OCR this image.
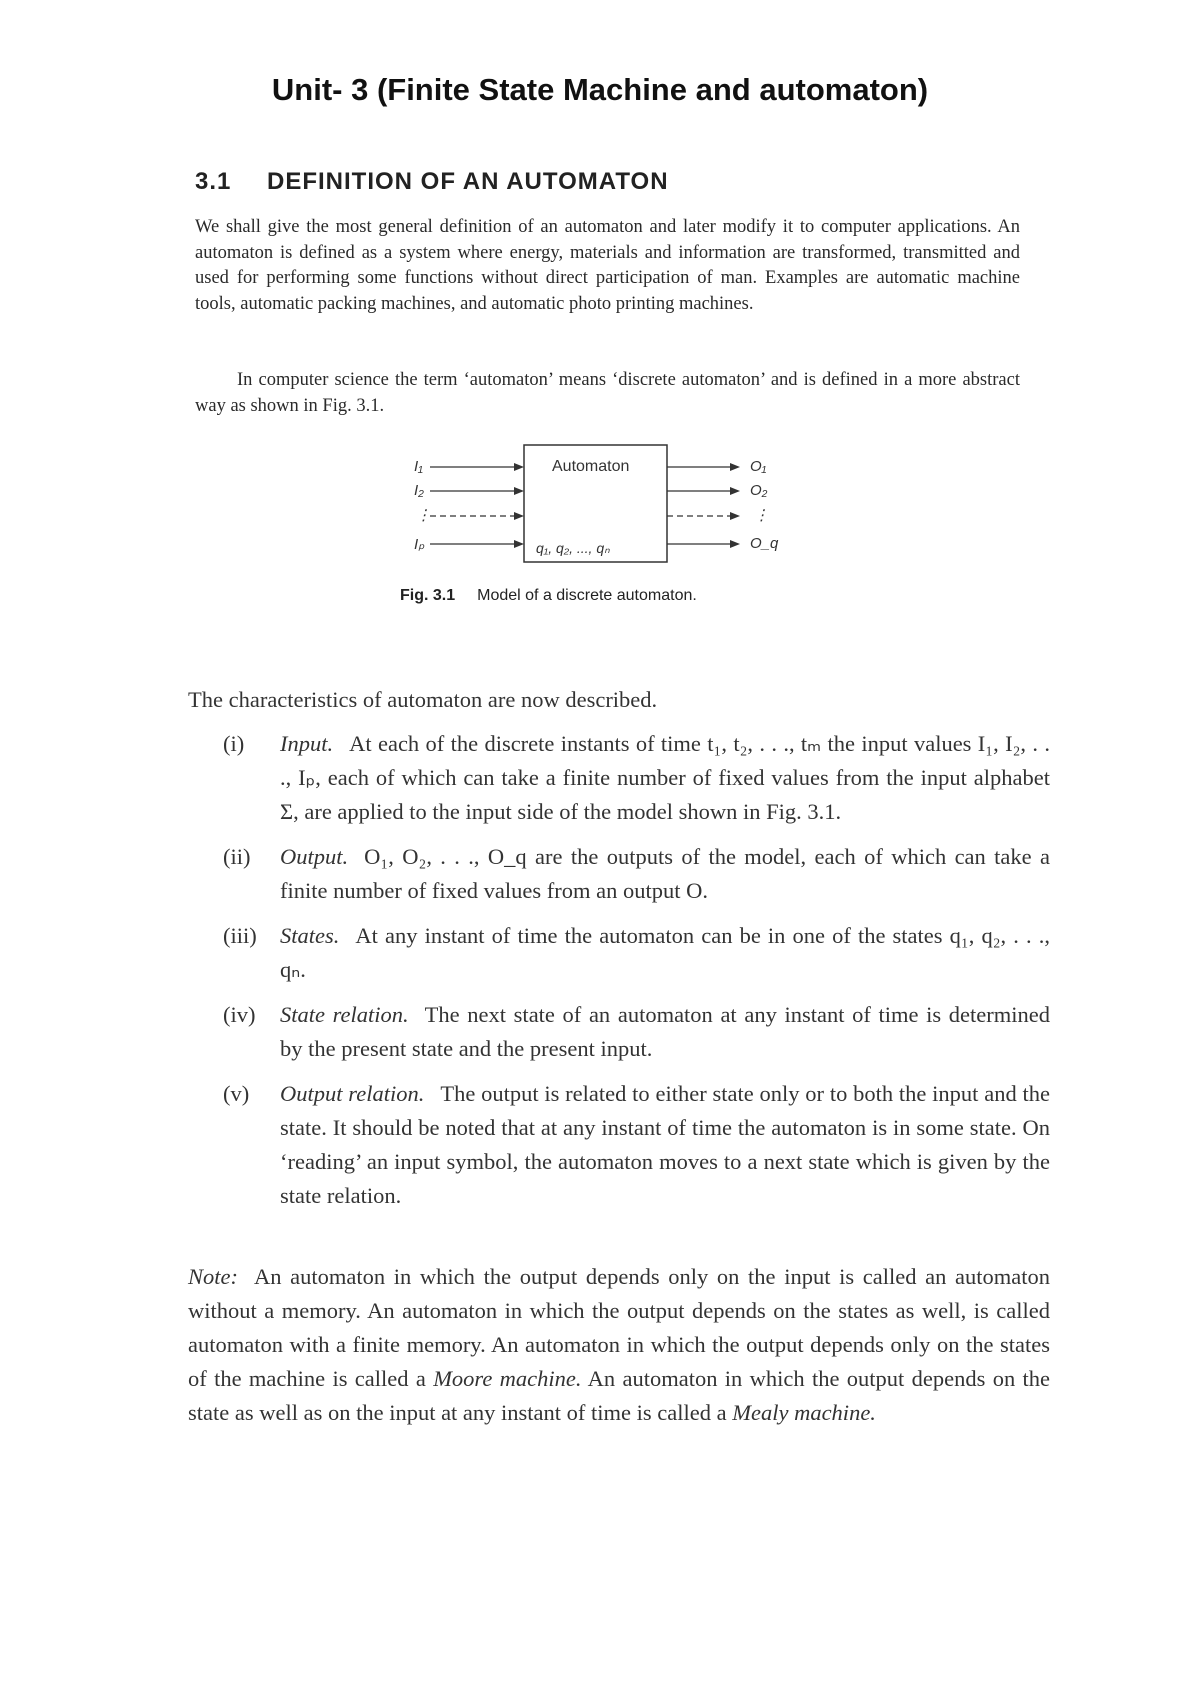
Unit- 3 (Finite State Machine and automaton)
3.1 DEFINITION OF AN AUTOMATON

We shall give the most general definition of an automaton and later modify it to computer applications. An automaton is defined as a system where energy, materials and information are transformed, transmitted and used for performing some functions without direct participation of man. Examples are automatic machine tools, automatic packing machines, and automatic photo printing machines.

In computer science the term ‘automaton’ means ‘discrete automaton’ and is defined in a more abstract way as shown in Fig. 3.1.

I₁
I₂
⋮
Iₚ
Automaton
q₁, q₂, ..., qₙ
O₁
O₂
⋮
O_q
Fig. 3.1 Model of a discrete automaton.

The characteristics of automaton are now described.

(i)	Input. At each of the discrete instants of time t₁, t₂, . . ., tₘ the input values I₁, I₂, . . ., Iₚ, each of which can take a finite number of fixed values from the input alphabet Σ, are applied to the input side of the model shown in Fig. 3.1.
(ii)	Output. O₁, O₂, . . ., O_q are the outputs of the model, each of which can take a finite number of fixed values from an output O.
(iii)	States. At any instant of time the automaton can be in one of the states q₁, q₂, . . ., qₙ.
(iv)	State relation. The next state of an automaton at any instant of time is determined by the present state and the present input.
(v)	Output relation. The output is related to either state only or to both the input and the state. It should be noted that at any instant of time the automaton is in some state. On ‘reading’ an input symbol, the automaton moves to a next state which is given by the state relation.

Note: An automaton in which the output depends only on the input is called an automaton without a memory. An automaton in which the output depends on the states as well, is called automaton with a finite memory. An automaton in which the output depends only on the states of the machine is called a Moore machine. An automaton in which the output depends on the state as well as on the input at any instant of time is called a Mealy machine.
